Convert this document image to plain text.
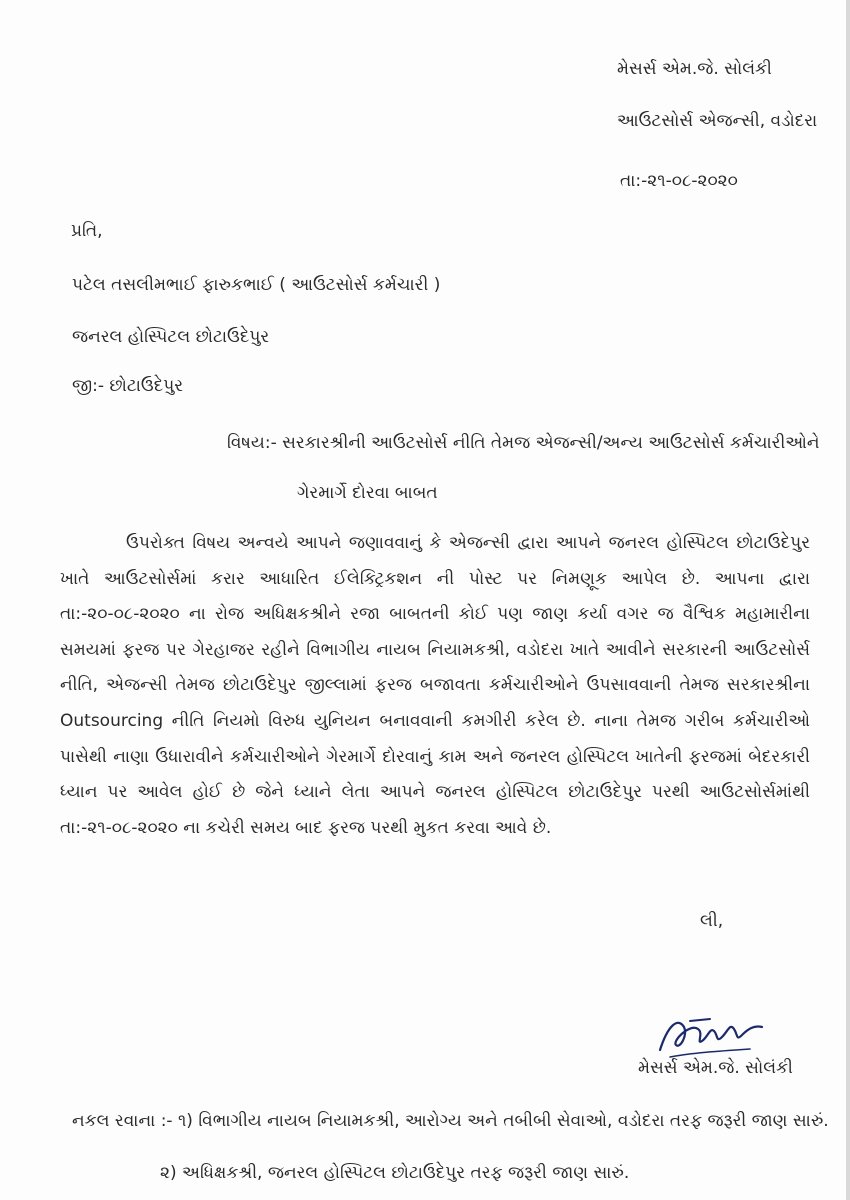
મેસર્સ એમ.જે. સોલંકી
આઉટસોર્સ એજન્સી, વડોદરા
તા:-૨૧-૦૮-૨૦૨૦
પ્રતિ,
પટેલ તસલીમભાઈ ફારુકભાઈ ( આઉટસોર્સ કર્મચારી )
જનરલ હોસ્પિટલ છોટાઉદેપુર
જી:- છોટાઉદેપુર
વિષય:- સરકારશ્રીની આઉટસોર્સ નીતિ તેમજ એજન્સી/અન્ય આઉટસોર્સ કર્મચારીઓને
ગેરમાર્ગે દોરવા બાબત
ઉપરોક્ત વિષય અન્વયે આપને જણાવવાનું કે એજન્સી દ્વારા આપને જનરલ હોસ્પિટલ છોટાઉદેપુર ખાતે આઉટસોર્સમાં કરાર આધારિત ઈલેક્ટ્રિકશન ની પોસ્ટ પર નિમણૂક આપેલ છે. આપના દ્વારા તા:-૨૦-૦૮-૨૦૨૦ ના રોજ અધિક્ષકશ્રીને રજા બાબતની કોઈ પણ જાણ કર્યા વગર જ વૈશ્વિક મહામારીના સમયમાં ફરજ પર ગેરહાજર રહીને વિભાગીય નાયબ નિયામકશ્રી, વડોદરા ખાતે આવીને સરકારની આઉટસોર્સ નીતિ, એજન્સી તેમજ છોટાઉદેપુર જીલ્લામાં ફરજ બજાવતા કર્મચારીઓને ઉપસાવવાની તેમજ સરકારશ્રીના Outsourcing નીતિ નિયમો વિરુધ યુનિયન બનાવવાની કમગીરી કરેલ છે. નાના તેમજ ગરીબ કર્મચારીઓ પાસેથી નાણા ઉધારાવીને કર્મચારીઓને ગેરમાર્ગે દોરવાનું કામ અને જનરલ હોસ્પિટલ ખાતેની ફરજમાં બેદરકારી ધ્યાન પર આવેલ હોઈ છે જેને ધ્યાને લેતા આપને જનરલ હોસ્પિટલ છોટાઉદેપુર પરથી આઉટસોર્સમાંથી તા:-૨૧-૦૮-૨૦૨૦ ના કચેરી સમય બાદ ફરજ પરથી મુકત કરવા આવે છે.
લી,
મેસર્સ એમ.જે. સોલંકી
નકલ રવાના :- ૧) વિભાગીય નાયબ નિયામકશ્રી, આરોગ્ય અને તબીબી સેવાઓ, વડોદરા તરફ જરૂરી જાણ સારું.
૨) અધિક્ષકશ્રી, જનરલ હોસ્પિટલ છોટાઉદેપુર તરફ જરૂરી જાણ સારું.
